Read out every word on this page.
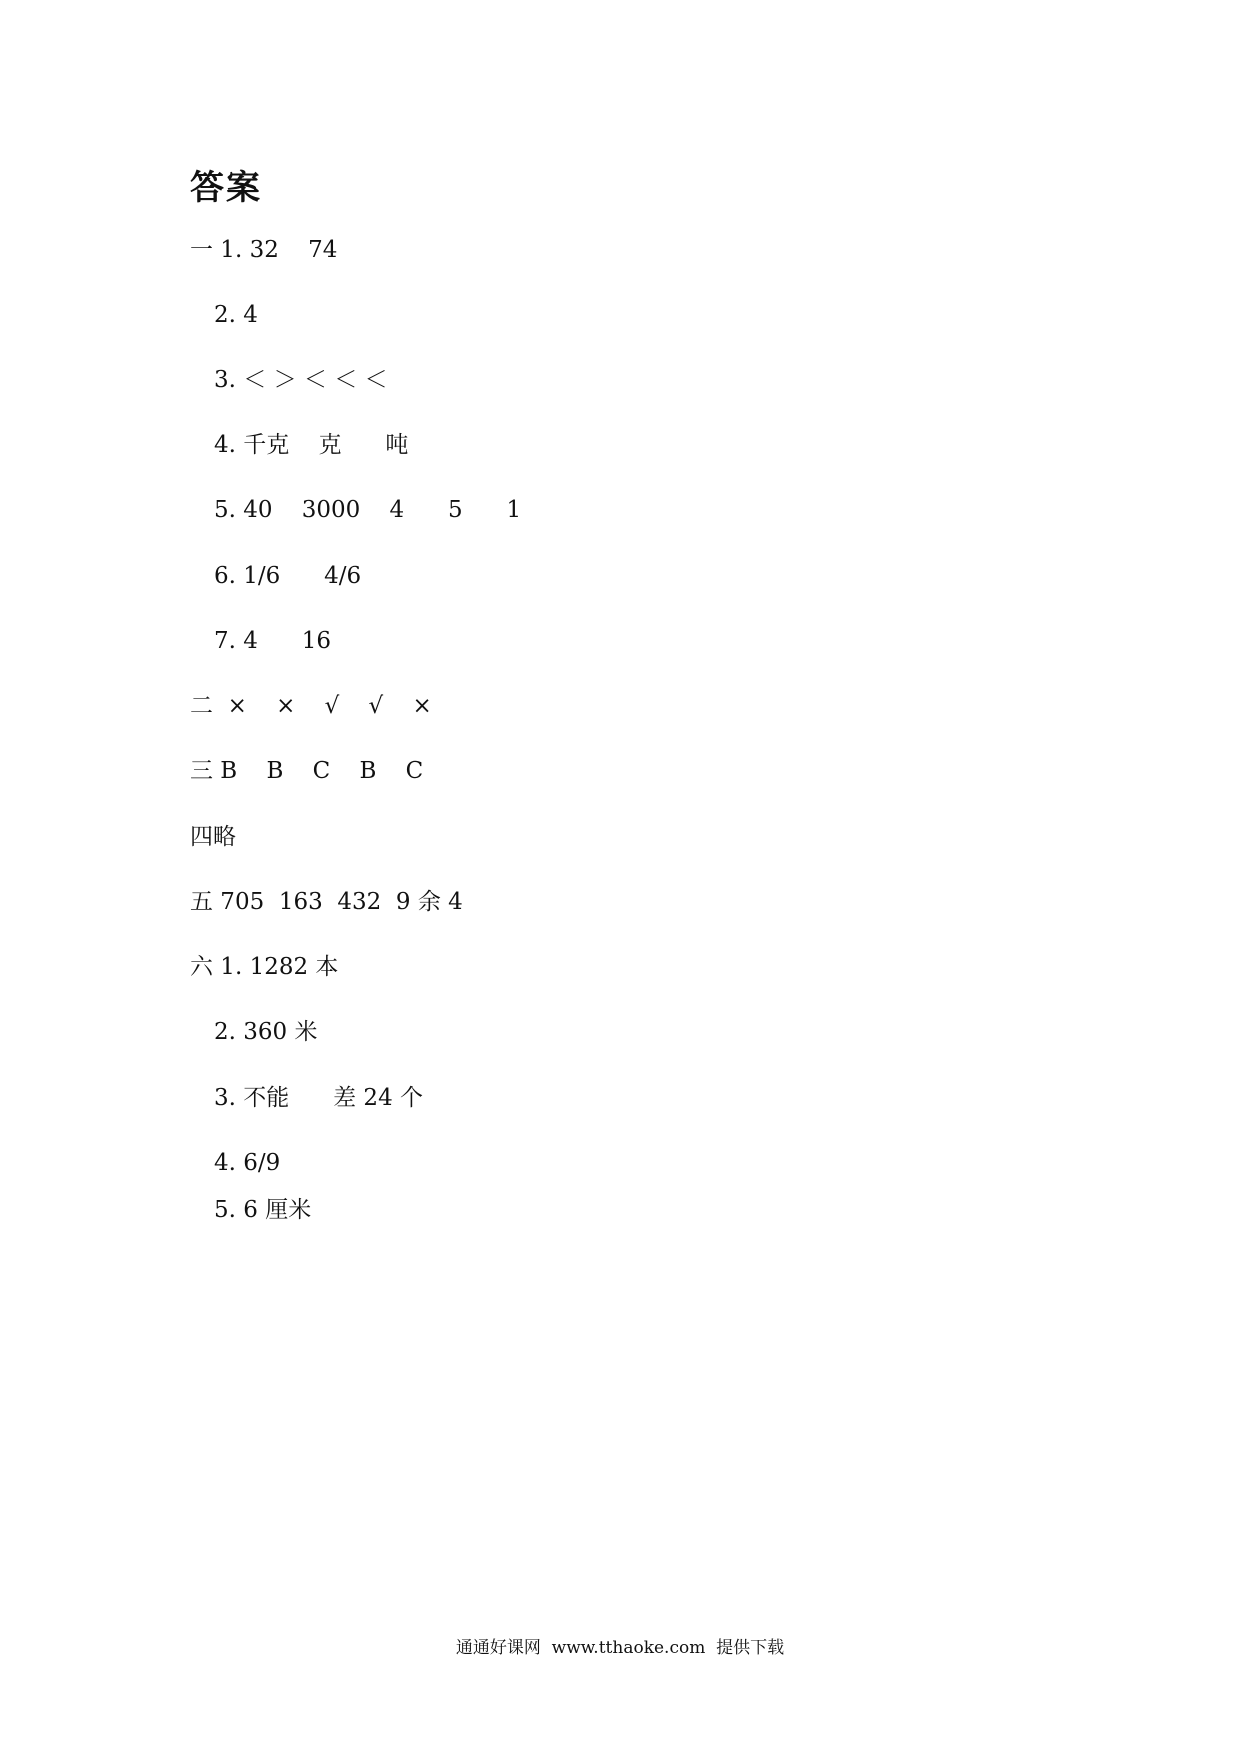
答案
一 1. 32    74
2. 4
3. ＜ ＞ ＜ ＜ ＜
4. 千克    克      吨
5. 40    3000    4      5      1
6. 1/6      4/6
7. 4      16
二  ×    ×    √    √    ×
三 B    B    C    B    C
四略
五 705  163  432  9 余 4
六 1. 1282 本
2. 360 米
3. 不能      差 24 个
4. 6/9
5. 6 厘米
通通好课网  www.tthaoke.com  提供下载
